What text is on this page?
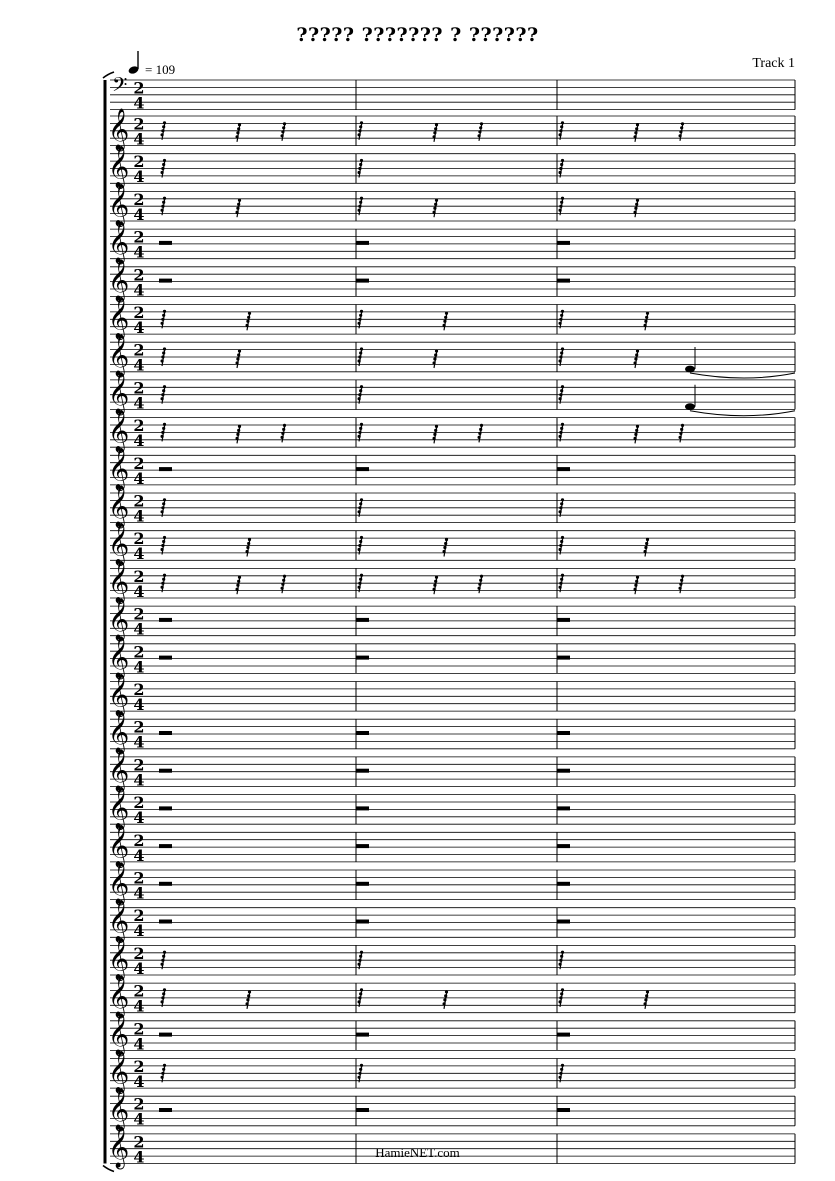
????? ??????? ? ??????
Track 1
= 109
𝄢 2
4
𝄞 2
4
𝄞 2
4
𝄞 2
4
𝄞 2
4
𝄞 2
4
𝄞 2
4
𝄞 2
4
𝄞 2
4
𝄞 2
4
𝄞 2
4
𝄞 2
4
𝄞 2
4
𝄞 2
4
𝄞 2
4
𝄞 2
4
𝄞 2
4
𝄞 2
4
𝄞 2
4
𝄞 2
4
𝄞 2
4
𝄞 2
4
𝄞 2
4
𝄞 2
4
𝄞 2
4
𝄞 2
4
𝄞 2
4
𝄞 2
4
𝄞 2
4	HamieNET.com
